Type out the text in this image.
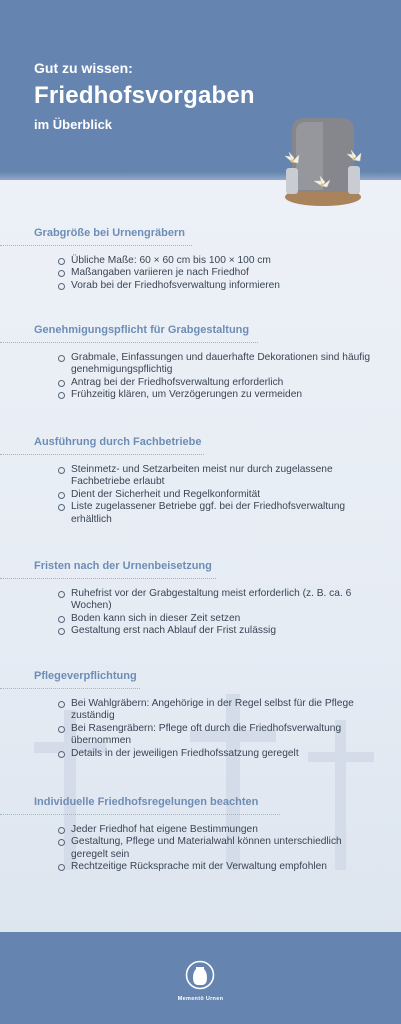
Gut zu wissen:
Friedhofsvorgaben
im Überblick
Grabgröße bei Urnengräbern
Übliche Maße: 60 × 60 cm bis 100 × 100 cm
Maßangaben variieren je nach Friedhof
Vorab bei der Friedhofsverwaltung informieren
Genehmigungspflicht für Grabgestaltung
Grabmale, Einfassungen und dauerhafte Dekorationen sind häufig genehmigungspflichtig
Antrag bei der Friedhofsverwaltung erforderlich
Frühzeitig klären, um Verzögerungen zu vermeiden
Ausführung durch Fachbetriebe
Steinmetz- und Setzarbeiten meist nur durch zugelassene Fachbetriebe erlaubt
Dient der Sicherheit und Regelkonformität
Liste zugelassener Betriebe ggf. bei der Friedhofsverwaltung erhältlich
Fristen nach der Urnenbeisetzung
Ruhefrist vor der Grabgestaltung meist erforderlich (z. B. ca. 6 Wochen)
Boden kann sich in dieser Zeit setzen
Gestaltung erst nach Ablauf der Frist zulässig
Pflegeverpflichtung
Bei Wahlgräbern: Angehörige in der Regel selbst für die Pflege zuständig
Bei Rasengräbern: Pflege oft durch die Friedhofsverwaltung übernommen
Details in der jeweiligen Friedhofssatzung geregelt
Individuelle Friedhofsregelungen beachten
Jeder Friedhof hat eigene Bestimmungen
Gestaltung, Pflege und Materialwahl können unterschiedlich geregelt sein
Rechtzeitige Rücksprache mit der Verwaltung empfohlen
Mementō Urnen
